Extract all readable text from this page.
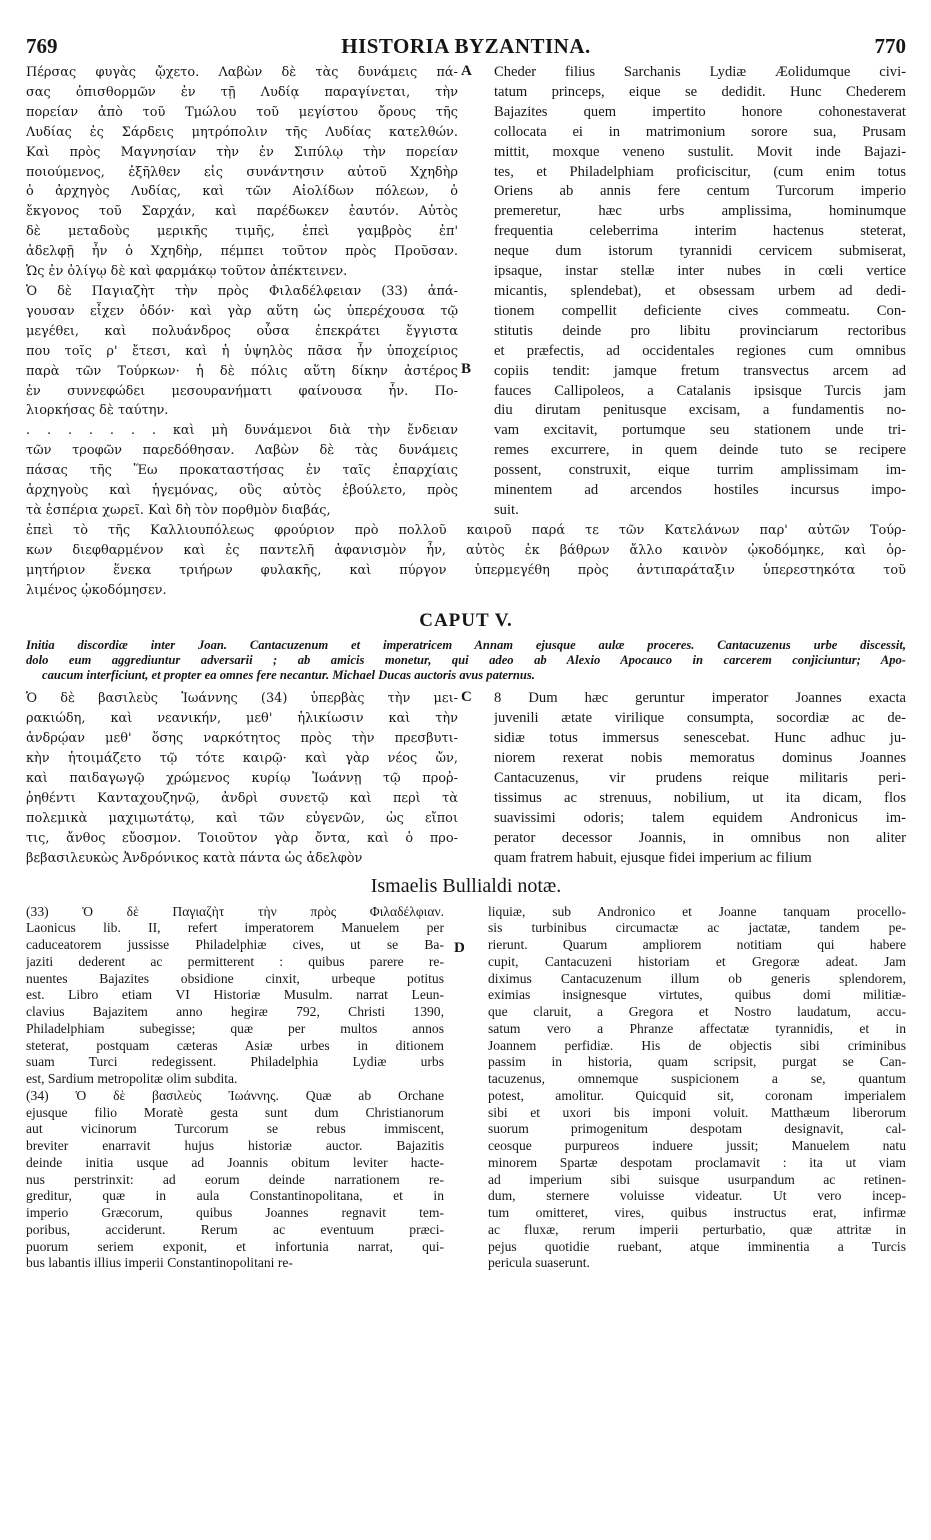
769	HISTORIA BYZANTINA.	770
Πέρσας φυγὰς ᾤχετο. Λαβὼν δὲ τὰς δυνάμεις πά-
σας ὀπισθορμῶν ἐν τῇ Λυδίᾳ παραγίνεται, τὴν
πορείαν ἀπὸ τοῦ Τμώλου τοῦ μεγίστου ὄρους τῆς
Λυδίας ἐς Σάρδεις μητρόπολιν τῆς Λυδίας κατελθών.
Καὶ πρὸς Μαγνησίαν τὴν ἐν Σιπύλῳ τὴν πορείαν
ποιούμενος, ἐξῆλθεν εἰς συνάντησιν αὐτοῦ Χχηδὴρ
ὁ ἀρχηγὸς Λυδίας, καὶ τῶν Αἰολίδων πόλεων, ὁ
ἔκγονος τοῦ Σαρχάν, καὶ παρέδωκεν ἑαυτόν. Αὐτὸς
δὲ μεταδοὺς μερικῆς τιμῆς, ἐπεὶ γαμβρὸς ἐπ'
ἀδελφῇ ἦν ὁ Χχηδὴρ, πέμπει τοῦτον πρὸς Προῦσαν.
Ὡς ἐν ὀλίγῳ δὲ καὶ φαρμάκῳ τοῦτον ἀπέκτεινεν.
Ὁ δὲ Παγιαζὴτ τὴν πρὸς Φιλαδέλφειαν (33) ἀπά-
γουσαν εἶχεν ὁδόν· καὶ γὰρ αὕτη ὡς ὑπερέχουσα τῷ
μεγέθει, καὶ πολυάνδρος οὖσα ἐπεκράτει ἔγγιστα
που τοῖς ρ' ἔτεσι, καὶ ἡ ὑψηλὸς πᾶσα ἦν ὑποχείριος
παρὰ τῶν Τούρκων· ἡ δὲ πόλις αὕτη δίκην ἀστέρος
ἐν συννεφώδει μεσουρανήματι φαίνουσα ἦν. Πο-
λιορκήσας δὲ ταύτην.
. . . . . . . καὶ μὴ δυνάμενοι διὰ τὴν ἔνδειαν
τῶν τροφῶν παρεδόθησαν. Λαβὼν δὲ τὰς δυνάμεις
πάσας τῆς Ἕω προκαταστήσας ἐν ταῖς ἐπαρχίαις
ἀρχηγοὺς καὶ ἡγεμόνας, οὓς αὐτὸς ἐβούλετο, πρὸς
τὰ ἑσπέρια χωρεῖ. Καὶ δὴ τὸν πορθμὸν διαβάς,
Cheder filius Sarchanis Lydiæ Æolidumque civi-
tatum princeps, eique se dedidit. Hunc Chederem
Bajazites quem impertito honore cohonestaverat
collocata ei in matrimonium sorore sua, Prusam
mittit, moxque veneno sustulit. Movit inde Bajazi-
tes, et Philadelphiam proficiscitur, (cum enim totus
Oriens ab annis fere centum Turcorum imperio
premeretur, hæc urbs amplissima, hominumque
frequentia celeberrima interim hactenus steterat,
neque dum istorum tyrannidi cervicem submiserat,
ipsaque, instar stellæ inter nubes in cœli vertice
micantis, splendebat), et obsessam urbem ad dedi-
tionem compellit deficiente cives commeatu. Con-
stitutis deinde pro libitu provinciarum rectoribus
et præfectis, ad occidentales regiones cum omnibus
copiis tendit: jamque fretum transvectus arcem ad
fauces Callipoleos, a Catalanis ipsisque Turcis jam
diu dirutam penitusque excisam, a fundamentis no-
vam excitavit, portumque seu stationem unde tri-
remes excurrere, in quem deinde tuto se recipere
possent, construxit, eique turrim amplissimam im-
minentem ad arcendos hostiles incursus impo-
suit.
A
B
ἐπεὶ τὸ τῆς Καλλιουπόλεως φρούριον πρὸ πολλοῦ καιροῦ παρά τε τῶν Κατελάνων παρ' αὐτῶν Τούρ-
κων διεφθαρμένον καὶ ἐς παντελῆ ἀφανισμὸν ἦν, αὐτὸς ἐκ βάθρων ἄλλο καινὸν ᾠκοδόμηκε, καὶ ὁρ-
μητήριον ἕνεκα τριήρων φυλακῆς, καὶ πύργον ὑπερμεγέθη πρὸς ἀντιπαράταξιν ὑπερεστηκότα τοῦ
λιμένος ᾠκοδόμησεν.
CAPUT V.
Initia discordiæ inter Joan. Cantacuzenum et imperatricem Annam ejusque aulæ proceres. Cantacuzenus urbe discessit,
dolo eum aggrediuntur adversarii ; ab amicis monetur, qui adeo ab Alexio Apocauco in carcerem conjiciuntur; Apo-
caucum interficiunt, et propter ea omnes fere necantur. Michael Ducas auctoris avus paternus.
Ὁ δὲ βασιλεὺς Ἰωάννης (34) ὑπερβὰς τὴν μει-
ρακιώδη, καὶ νεανικήν, μεθ' ἡλικίωσιν καὶ τὴν
ἀνδρῴαν μεθ' ὅσης ναρκότητος πρὸς τὴν πρεσβυτι-
κὴν ἡτοιμάζετο τῷ τότε καιρῷ· καὶ γὰρ νέος ὤν,
καὶ παιδαγωγῷ χρώμενος κυρίῳ Ἰωάννῃ τῷ προῤ-
ῥηθέντι Κανταχουζηνῷ, ἀνδρὶ συνετῷ καὶ περὶ τὰ
πολεμικὰ μαχιμωτάτῳ, καὶ τῶν εὐγενῶν, ὡς εἴποι
τις, ἄνθος εὔοσμον. Τοιοῦτον γὰρ ὄντα, καὶ ὁ προ-
βεβασιλευκὼς Ἀνδρόνικος κατὰ πάντα ὡς ἀδελφὸν
8 Dum hæc geruntur imperator Joannes exacta
juvenili ætate virilique consumpta, socordiæ ac de-
sidiæ totus immersus senescebat. Hunc adhuc ju-
niorem rexerat nobis memoratus dominus Joannes
Cantacuzenus, vir prudens reique militaris peri-
tissimus ac strenuus, nobilium, ut ita dicam, flos
suavissimi odoris; talem equidem Andronicus im-
perator decessor Joannis, in omnibus non aliter
quam fratrem habuit, ejusque fidei imperium ac filium
C
Ismaelis Bullialdi notæ.
(33) Ὁ δὲ Παγιαζὴτ τὴν πρὸς Φιλαδέλφιαν.
Laonicus lib. II, refert imperatorem Manuelem per
caduceatorem jussisse Philadelphiæ cives, ut se Ba-
jaziti dederent ac permitterent : quibus parere re-
nuentes Bajazites obsidione cinxit, urbeque potitus
est. Libro etiam VI Historiæ Musulm. narrat Leun-
clavius Bajazitem anno hegiræ 792, Christi 1390,
Philadelphiam subegisse; quæ per multos annos
steterat, postquam cæteras Asiæ urbes in ditionem
suam Turci redegissent. Philadelphia Lydiæ urbs
est, Sardium metropolitæ olim subdita.
(34) Ὁ δὲ βασιλεὺς Ἰωάννης. Quæ ab Orchane
ejusque filio Moratè gesta sunt dum Christianorum
aut vicinorum Turcorum se rebus immiscent,
breviter enarravit hujus historiæ auctor. Bajazitis
deinde initia usque ad Joannis obitum leviter hacte-
nus perstrinxit: ad eorum deinde narrationem re-
greditur, quæ in aula Constantinopolitana, et in
imperio Græcorum, quibus Joannes regnavit tem-
poribus, acciderunt. Rerum ac eventuum præci-
puorum seriem exponit, et infortunia narrat, qui-
bus labantis illius imperii Constantinopolitani re-
liquiæ, sub Andronico et Joanne tanquam procello-
sis turbinibus circumactæ ac jactatæ, tandem pe-
rierunt. Quarum ampliorem notitiam qui habere
cupit, Cantacuzeni historiam et Gregoræ adeat. Jam
diximus Cantacuzenum illum ob generis splendorem,
eximias insignesque virtutes, quibus domi militiæ-
que claruit, a Gregora et Nostro laudatum, accu-
satum vero a Phranze affectatæ tyrannidis, et in
Joannem perfidiæ. His de objectis sibi criminibus
passim in historia, quam scripsit, purgat se Can-
tacuzenus, omnemque suspicionem a se, quantum
potest, amolitur. Quicquid sit, coronam imperialem
sibi et uxori bis imponi voluit. Matthæum liberorum
suorum primogenitum despotam designavit, cal-
ceosque purpureos induere jussit; Manuelem natu
minorem Spartæ despotam proclamavit : ita ut viam
ad imperium sibi suisque usurpandum ac retinen-
dum, sternere voluisse videatur. Ut vero incep-
tum omitteret, vires, quibus instructus erat, infirmæ
ac fluxæ, rerum imperii perturbatio, quæ attritæ in
pejus quotidie ruebant, atque imminentia a Turcis
pericula suaserunt.
D
